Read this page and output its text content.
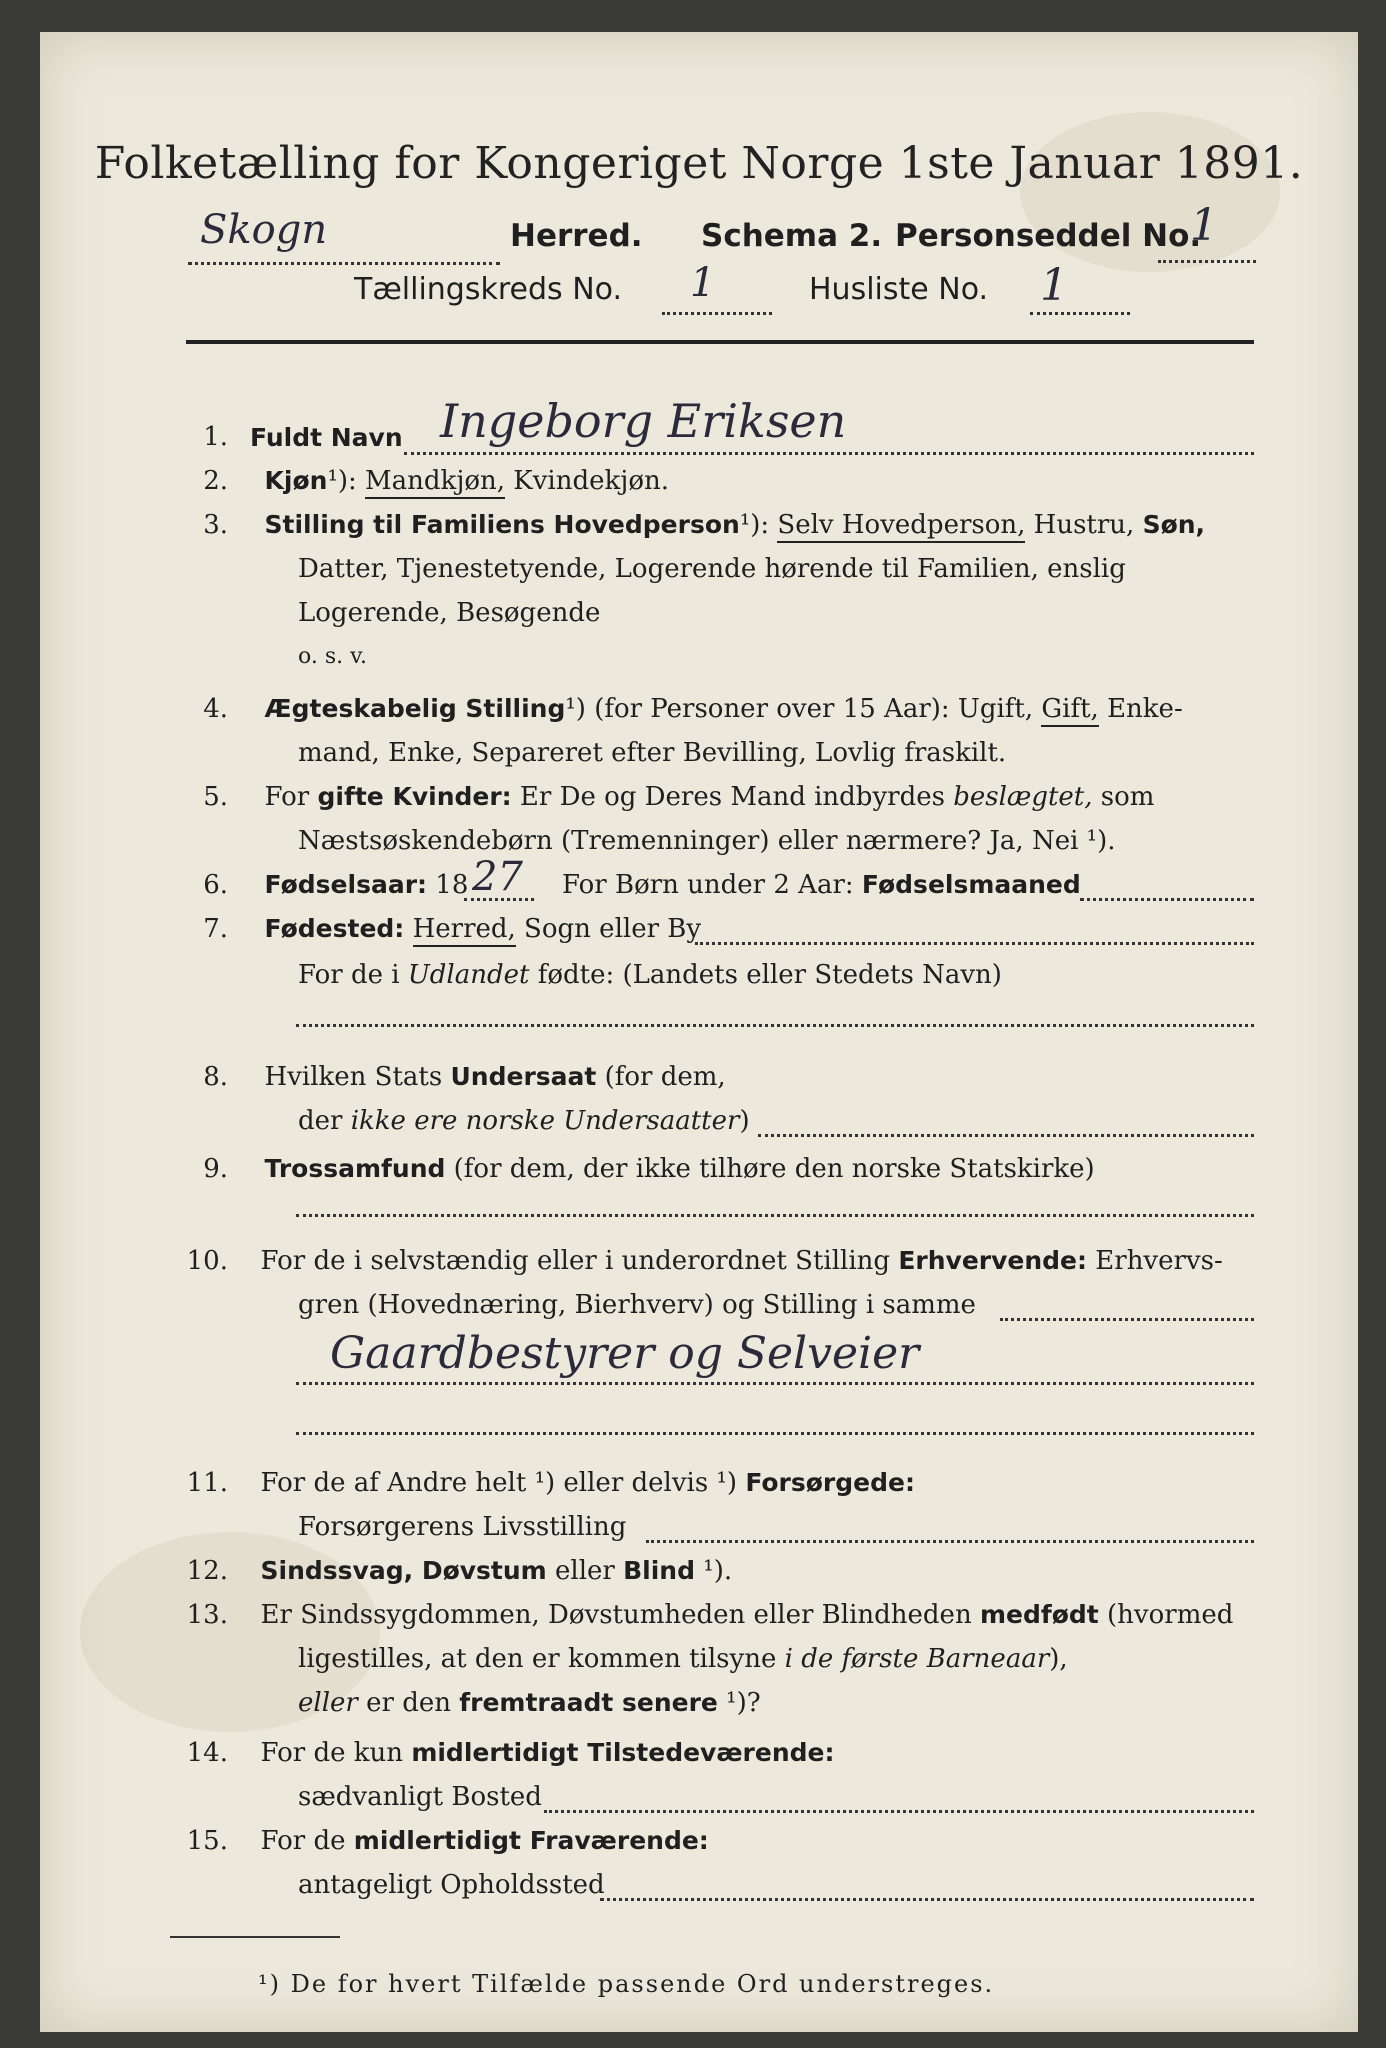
Folketælling for Kongeriget Norge 1ste Januar 1891.
Skogn	Herred. Schema 2. Personseddel No.
1
Tællingskreds No. 1	Husliste No. 1
1. Fuldt Navn Ingeborg Eriksen
2. Kjøn¹): Mandkjøn, Kvindekjøn.
3. Stilling til Familiens Hovedperson¹): Selv Hovedperson, Hustru, Søn,
Datter, Tjenestetyende, Logerende hørende til Familien, enslig
Logerende, Besøgende
o. s. v.
4. Ægteskabelig Stilling¹) (for Personer over 15 Aar): Ugift, Gift, Enke-
mand, Enke, Separeret efter Bevilling, Lovlig fraskilt.
5. For gifte Kvinder: Er De og Deres Mand indbyrdes beslægtet, som
Næstsøskendebørn (Tremenninger) eller nærmere? Ja, Nei ¹).
6. Fødselsaar: 18 27 For Børn under 2 Aar: Fødselsmaaned
7. Fødested: Herred, Sogn eller By
For de i Udlandet fødte: (Landets eller Stedets Navn)
8. Hvilken Stats Undersaat (for dem,
der ikke ere norske Undersaatter)
9. Trossamfund (for dem, der ikke tilhøre den norske Statskirke)
10. For de i selvstændig eller i underordnet Stilling Erhvervende: Erhvervs-
gren (Hovednæring, Bierhverv) og Stilling i samme
Gaardbestyrer og Selveier
11. For de af Andre helt ¹) eller delvis ¹) Forsørgede:
Forsørgerens Livsstilling
12. Sindssvag, Døvstum eller Blind ¹).
13. Er Sindssygdommen, Døvstumheden eller Blindheden medfødt (hvormed
ligestilles, at den er kommen tilsyne i de første Barneaar),
eller er den fremtraadt senere ¹)?
14. For de kun midlertidigt Tilstedeværende:
sædvanligt Bosted
15. For de midlertidigt Fraværende:
antageligt Opholdssted
¹) De for hvert Tilfælde passende Ord understreges.
